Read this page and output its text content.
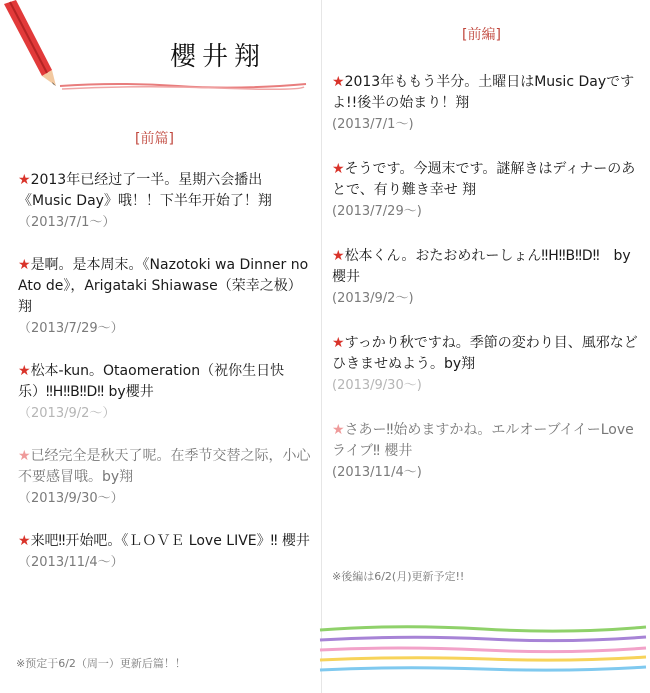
櫻井翔
[前篇]
★2013年已经过了一半。星期六会播出《Music Day》哦！！下半年开始了！翔
（2013/7/1～）
★是啊。是本周末。《Nazotoki wa Dinner no Ato de》，Arigataki Shiawase（荣幸之极）翔
（2013/7/29～）
★松本-kun。Otaomeration（祝你生日快乐）‼H‼B‼D‼ by櫻井
（2013/9/2～）
★已经完全是秋天了呢。在季节交替之际，小心不要感冒哦。by翔
（2013/9/30～）
★来吧‼开始吧。《ＬＯＶＥ Love LIVE》‼ 櫻井
（2013/11/4～）
※预定于6/2（周一）更新后篇！！
[前編]
★2013年ももう半分。土曜日はMusic Dayですよ!!後半の始まり！翔
(2013/7/1～)
★そうです。今週末です。謎解きはディナーのあとで、有り難き幸せ 翔
(2013/7/29～)
★松本くん。おたおめれーしょん‼H‼B‼D‼　by櫻井
(2013/9/2～)
★すっかり秋ですね。季節の変わり目、風邪などひきませぬよう。by翔
(2013/9/30～)
★さあー‼始めますかね。エルオーブイイーLoveライブ‼ 櫻井
(2013/11/4～)
※後編は6/2(月)更新予定!!
